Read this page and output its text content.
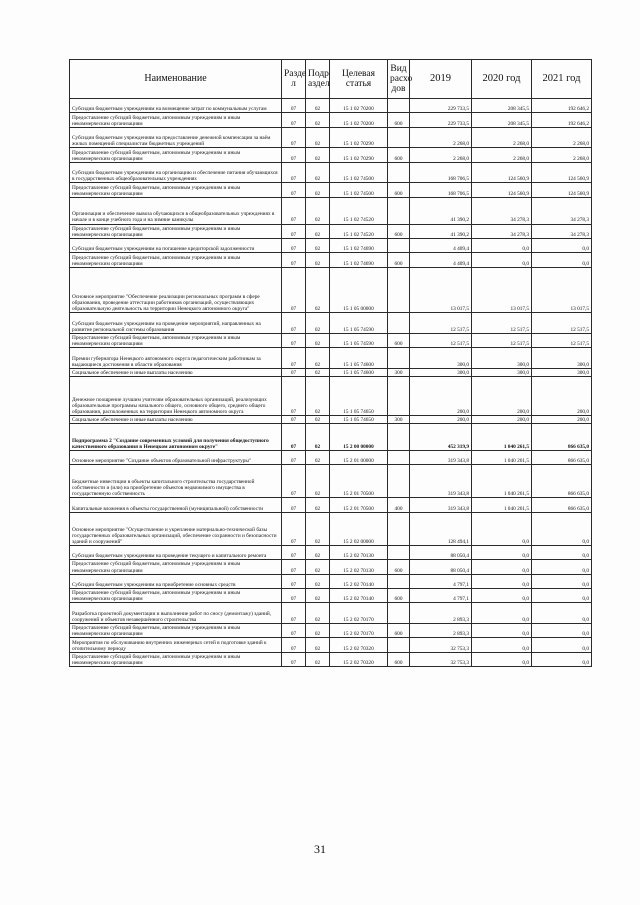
Наименование	Разде л	Подр аздел	Целевая статья	Вид расхо дов	2019	2020 год	2021 год
Субсидии бюджетным учреждениям на возмещение затрат по коммунальным услугам	07	02	15 1 02 70200		229 733,5	208 345,5	192 646,2
Предоставление субсидий бюджетным, автономным учреждениям и иным некоммерческим организациям	07	02	15 1 02 70200	600	229 733,5	208 345,5	192 646,2
Субсидии бюджетным учреждениям на предоставление денежной компенсации за наём жилых помещений специалистам бюджетных учреждений	07	02	15 1 02 70290		2 268,0	2 268,0	2 268,0
Предоставление субсидий бюджетным, автономным учреждениям и иным некоммерческим организациям	07	02	15 1 02 70290	600	2 268,0	2 268,0	2 268,0
Субсидии бюджетным учреждениям на организацию и обеспечение питания обучающихся в государственных общеобразовательных учреждениях	07	02	15 1 02 74500		168 706,5	124 560,9	124 560,9
Предоставление субсидий бюджетным, автономным учреждениям и иным некоммерческим организациям	07	02	15 1 02 74500	600	168 706,5	124 560,9	124 560,9
Организация и обеспечение вывоза обучающихся в общеобразовательных учреждениях в начале и в конце учебного года и на зимние каникулы	07	02	15 1 02 74520		41 390,2	34 278,3	34 278,3
Предоставление субсидий бюджетным, автономным учреждениям и иным некоммерческим организациям	07	02	15 1 02 74520	600	41 390,2	34 278,3	34 278,3
Субсидии бюджетным учреждениям на погашение кредиторской задолженности	07	02	15 1 02 74690		4 409,4	0,0	0,0
Предоставление субсидий бюджетным, автономным учреждениям и иным некоммерческим организациям	07	02	15 1 02 74690	600	4 409,4	0,0	0,0
Основное мероприятие "Обеспечение реализации региональных программ в сфере образования, проведение аттестации работников организаций, осуществляющих образовательную деятельность на территории Ненецкого автономного округа"	07	02	15 1 05 00000		13 017,5	13 017,5	13 017,5
Субсидии бюджетным учреждениям на проведение мероприятий, направленных на развитие региональной системы образования	07	02	15 1 05 74590		12 517,5	12 517,5	12 517,5
Предоставление субсидий бюджетным, автономным учреждениям и иным некоммерческим организациям	07	02	15 1 05 74590	600	12 517,5	12 517,5	12 517,5
Премии губернатора Ненецкого автономного округа педагогическим работникам за выдающиеся достижения в области образования	07	02	15 1 05 74600		300,0	300,0	300,0
Социальное обеспечение и иные выплаты населению	07	02	15 1 05 74600	300	300,0	300,0	300,0
Денежное поощрение лучшим учителям образовательных организаций, реализующих образовательные программы начального общего, основного общего, среднего общего образования, расположенных на территории Ненецкого автономного округа	07	02	15 1 05 74650		200,0	200,0	200,0
Социальное обеспечение и иные выплаты населению	07	02	15 1 05 74650	300	200,0	200,0	200,0
Подпрограмма 2 "Создание современных условий для получения общедоступного качественного образования в Ненецком автономном округе"	07	02	15 2 00 00000		452 319,9	1 040 261,5	866 635,0
Основное мероприятие "Создание объектов образовательной инфраструктуры"	07	02	15 2 01 00000		319 343,8	1 040 261,5	866 635,0
Бюджетные инвестиции в объекты капитального строительства государственной собственности и (или) на приобретение объектов недвижимого имущества в государственную собственность	07	02	15 2 01 70500		319 343,8	1 040 261,5	866 635,0
Капитальные вложения в объекты государственной (муниципальной) собственности	07	02	15 2 01 70500	400	319 343,8	1 040 261,5	866 635,0
Основное мероприятие "Осуществление и укрепление материально-технической базы государственных образовательных организаций, обеспечение сохранности и безопасности зданий и сооружений"	07	02	15 2 02 00000		128 494,1	0,0	0,0
Субсидии бюджетным учреждениям на проведение текущего и капитального ремонта	07	02	15 2 02 70130		88 050,4	0,0	0,0
Предоставление субсидий бюджетным, автономным учреждениям и иным некоммерческим организациям	07	02	15 2 02 70130	600	88 050,4	0,0	0,0
Субсидии бюджетным учреждениям на приобретение основных средств	07	02	15 2 02 70140		4 797,1	0,0	0,0
Предоставление субсидий бюджетным, автономным учреждениям и иным некоммерческим организациям	07	02	15 2 02 70140	600	4 797,1	0,0	0,0
Разработка проектной документации и выполнение работ по сносу (демонтажу) зданий, сооружений и объектов незавершённого строительства	07	02	15 2 02 70170		2 893,3	0,0	0,0
Предоставление субсидий бюджетным, автономным учреждениям и иным некоммерческим организациям	07	02	15 2 02 70170	600	2 893,3	0,0	0,0
Мероприятия по обслуживанию внутренних инженерных сетей в подготовке зданий к отопительному периоду	07	02	15 2 02 70320		32 753,3	0,0	0,0
Предоставление субсидий бюджетным, автономным учреждениям и иным некоммерческим организациям	07	02	15 2 02 70320	600	32 753,3	0,0	0,0
31
